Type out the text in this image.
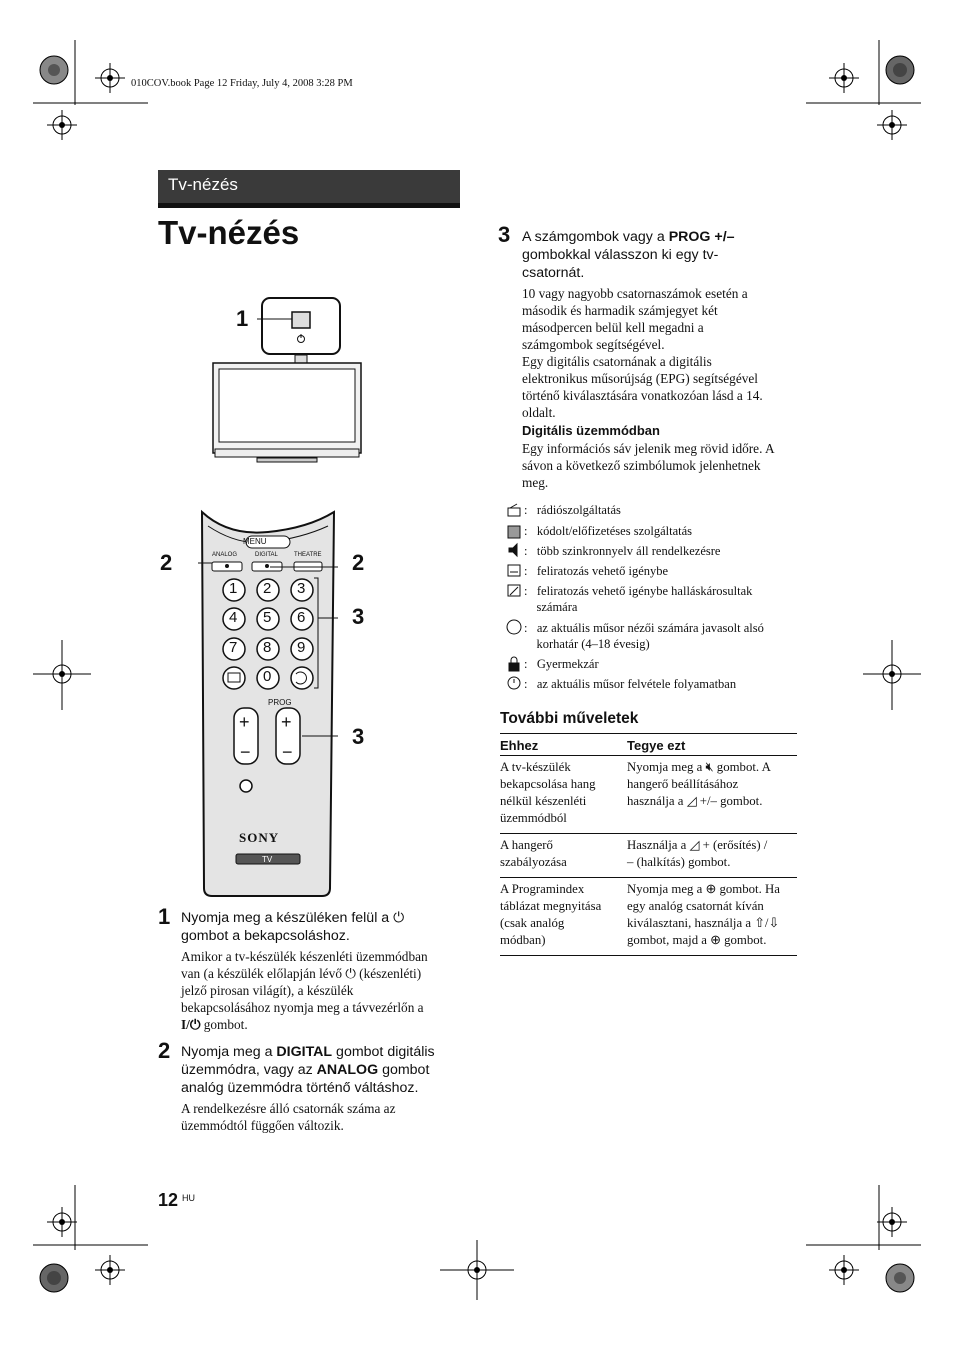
010COV.book Page 12 Friday, July 4, 2008 3:28 PM
Tv-nézés
Tv-nézés
1
MENU
ANALOG	DIGITAL	THEATRE
1 2 3
4 5 6
7 8 9
0
PROG
+
−
+
−
SONY
TV
2	2
3
3
1 Nyomja meg a készüléken felül a ⏻
gombot a bekapcsoláshoz.
Amikor a tv-készülék készenléti üzemmódban
van (a készülék előlapján lévő ⏻ (készenléti)
jelző pirosan világít), a készülék
bekapcsolásához nyomja meg a távvezérlőn a
I/⏻ gombot.
2 Nyomja meg a DIGITAL gombot digitális
üzemmódra, vagy az ANALOG gombot
analóg üzemmódra történő váltáshoz.
A rendelkezésre álló csatornák száma az
üzemmódtól függően változik.
3 A számgombok vagy a PROG +/–
gombokkal válasszon ki egy tv-
csatornát.
10 vagy nagyobb csatornaszámok esetén a
második és harmadik számjegyet két
másodpercen belül kell megadni a
számgombok segítségével.
Egy digitális csatornának a digitális
elektronikus műsorújság (EPG) segítségével
történő kiválasztására vonatkozóan lásd a 14.
oldalt.
Digitális üzemmódban
Egy információs sáv jelenik meg rövid időre. A
sávon a következő szimbólumok jelenhetnek
meg.
:   rádiószolgáltatás
:   kódolt/előfizetéses szolgáltatás
:   több szinkronnyelv áll rendelkezésre
:   feliratozás vehető igénybe
:   feliratozás vehető igénybe halláskárosultak
számára
:   az aktuális műsor nézői számára javasolt alsó
korhatár (4–18 évesig)
:   Gyermekzár
:   az aktuális műsor felvétele folyamatban
További műveletek
Ehhez	Tegye ezt
A tv-készülék
bekapcsolása hang
nélkül készenléti
üzemmódból	Nyomja meg a 🔇︎ gombot. A
hangerő beállításához
használja a ◿ +/– gombot.
A hangerő
szabályozása	Használja a ◿ + (erősítés) /
– (halkítás) gombot.
A Programindex
táblázat megnyitása
(csak analóg
módban)	Nyomja meg a ⊕ gombot. Ha
egy analóg csatornát kíván
kiválasztani, használja a ⇧/⇩
gombot, majd a ⊕ gombot.
12 HU
